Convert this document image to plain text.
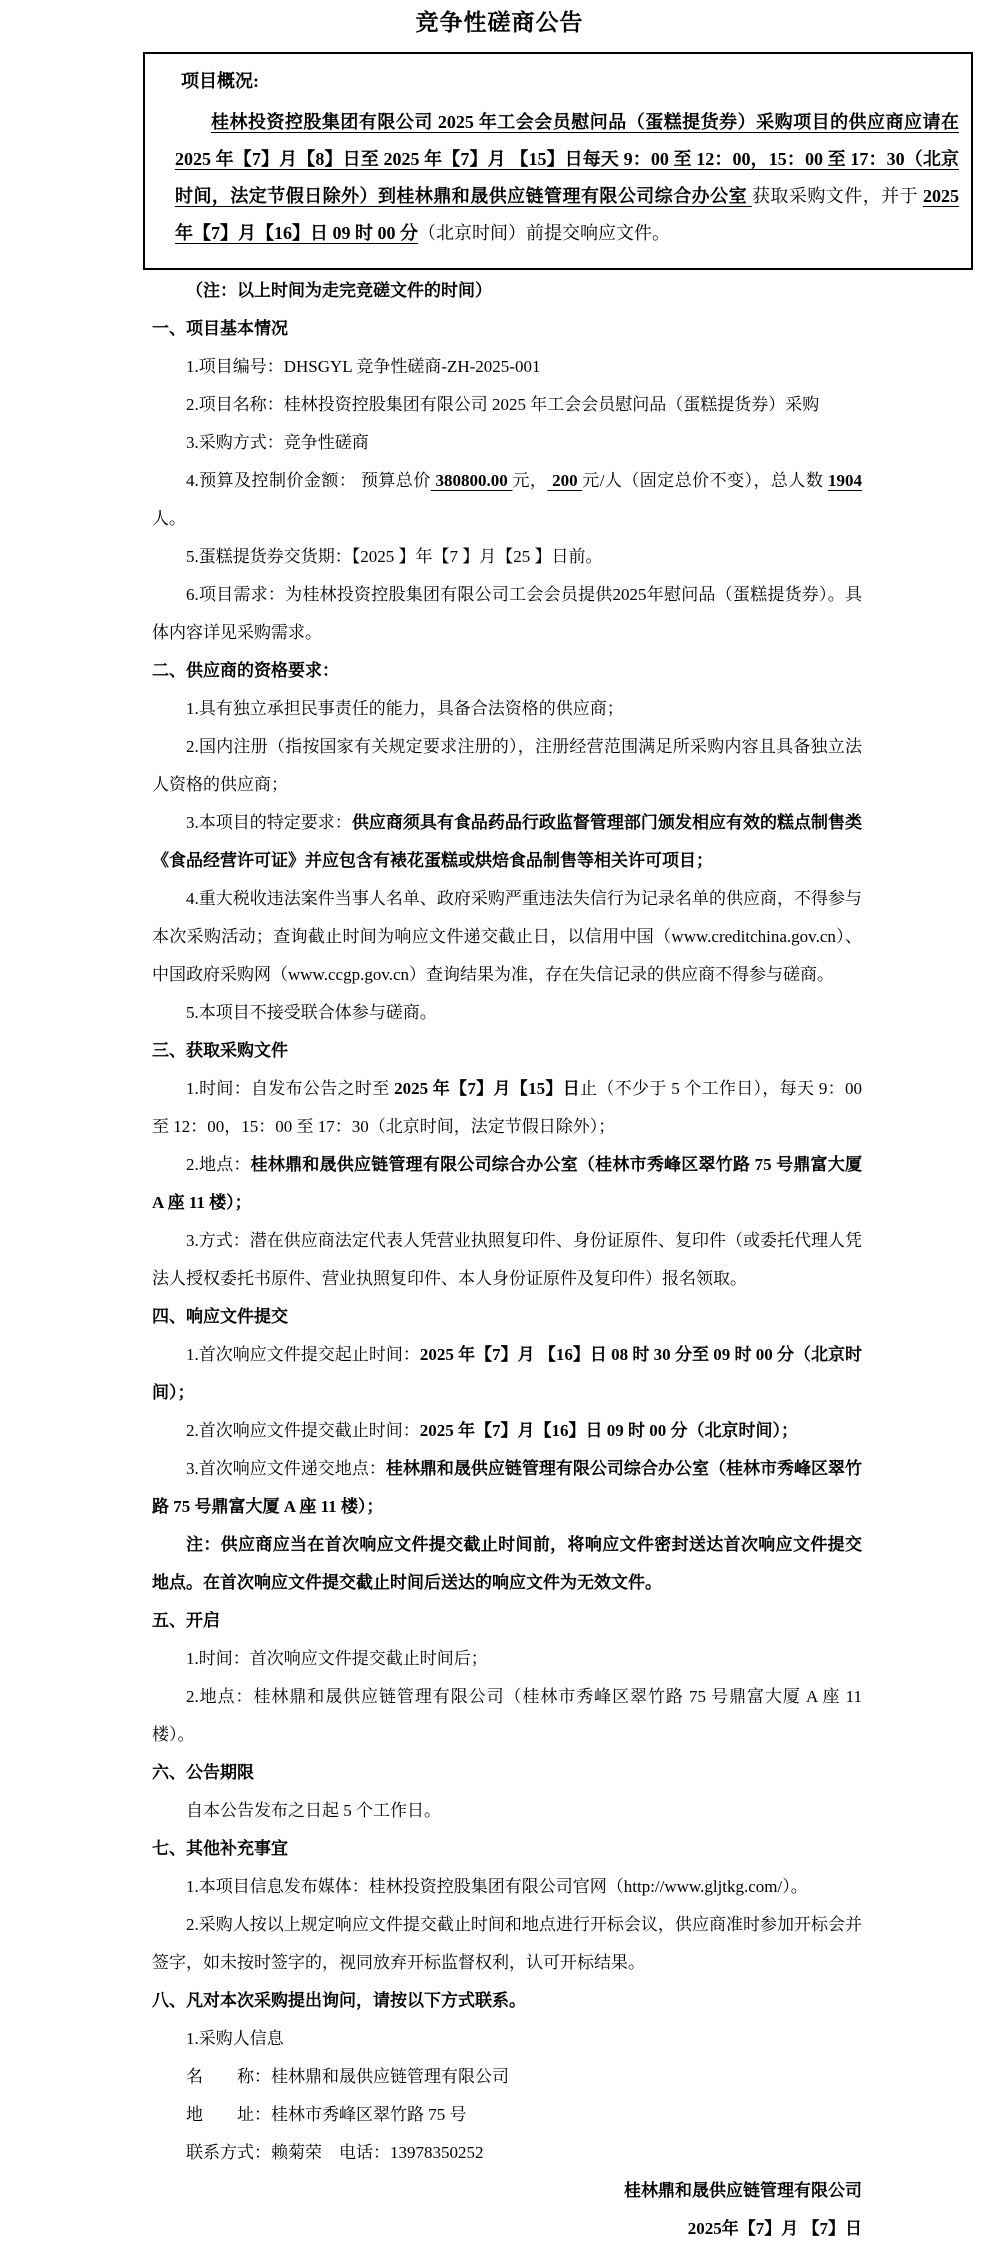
竞争性磋商公告

项目概况:

桂林投资控股集团有限公司 2025 年工会会员慰问品（蛋糕提货券）采购项目的供应商应请在 2025 年【7】月【8】日至 2025 年【7】月 【15】日每天 9：00 至 12：00，15：00 至 17：30（北京时间，法定节假日除外）到桂林鼎和晟供应链管理有限公司综合办公室 获取采购文件，并于 2025 年【7】月【16】日 09 时 00 分（北京时间）前提交响应文件。

（注：以上时间为走完竞磋文件的时间）

一、项目基本情况

1.项目编号：DHSGYL 竞争性磋商-ZH-2025-001

2.项目名称：桂林投资控股集团有限公司 2025 年工会会员慰问品（蛋糕提货券）采购

3.采购方式：竞争性磋商

4.预算及控制价金额： 预算总价 380800.00 元， 200 元/人（固定总价不变），总人数 1904 人。

5.蛋糕提货券交货期：【2025 】年【7 】月【25 】日前。

6.项目需求：为桂林投资控股集团有限公司工会会员提供2025年慰问品（蛋糕提货券）。具体内容详见采购需求。

二、供应商的资格要求：

1.具有独立承担民事责任的能力，具备合法资格的供应商；

2.国内注册（指按国家有关规定要求注册的），注册经营范围满足所采购内容且具备独立法人资格的供应商；

3.本项目的特定要求：供应商须具有食品药品行政监督管理部门颁发相应有效的糕点制售类《食品经营许可证》并应包含有裱花蛋糕或烘焙食品制售等相关许可项目；

4.重大税收违法案件当事人名单、政府采购严重违法失信行为记录名单的供应商，不得参与本次采购活动；查询截止时间为响应文件递交截止日，以信用中国（www.creditchina.gov.cn）、中国政府采购网（www.ccgp.gov.cn）查询结果为准，存在失信记录的供应商不得参与磋商。

5.本项目不接受联合体参与磋商。

三、获取采购文件

1.时间：自发布公告之时至 2025 年【7】月【15】日止（不少于 5 个工作日），每天 9：00 至 12：00，15：00 至 17：30（北京时间，法定节假日除外）；

2.地点：桂林鼎和晟供应链管理有限公司综合办公室（桂林市秀峰区翠竹路 75 号鼎富大厦 A 座 11 楼）；

3.方式：潜在供应商法定代表人凭营业执照复印件、身份证原件、复印件（或委托代理人凭法人授权委托书原件、营业执照复印件、本人身份证原件及复印件）报名领取。

四、响应文件提交

1.首次响应文件提交起止时间：2025 年【7】月 【16】日 08 时 30 分至 09 时 00 分（北京时间）；

2.首次响应文件提交截止时间：2025 年【7】月【16】日 09 时 00 分（北京时间）；

3.首次响应文件递交地点：桂林鼎和晟供应链管理有限公司综合办公室（桂林市秀峰区翠竹路 75 号鼎富大厦 A 座 11 楼）；

注：供应商应当在首次响应文件提交截止时间前，将响应文件密封送达首次响应文件提交地点。在首次响应文件提交截止时间后送达的响应文件为无效文件。

五、开启

1.时间：首次响应文件提交截止时间后；

2.地点：桂林鼎和晟供应链管理有限公司（桂林市秀峰区翠竹路 75 号鼎富大厦 A 座 11 楼）。

六、公告期限

自本公告发布之日起 5 个工作日。

七、其他补充事宜

1.本项目信息发布媒体：桂林投资控股集团有限公司官网（http://www.gljtkg.com/）。

2.采购人按以上规定响应文件提交截止时间和地点进行开标会议，供应商准时参加开标会并签字，如未按时签字的，视同放弃开标监督权利，认可开标结果。

八、凡对本次采购提出询问，请按以下方式联系。

1.采购人信息

名　　称：桂林鼎和晟供应链管理有限公司

地　　址：桂林市秀峰区翠竹路 75 号

联系方式：赖菊荣　电话：13978350252

桂林鼎和晟供应链管理有限公司

2025年【7】月 【7】日
